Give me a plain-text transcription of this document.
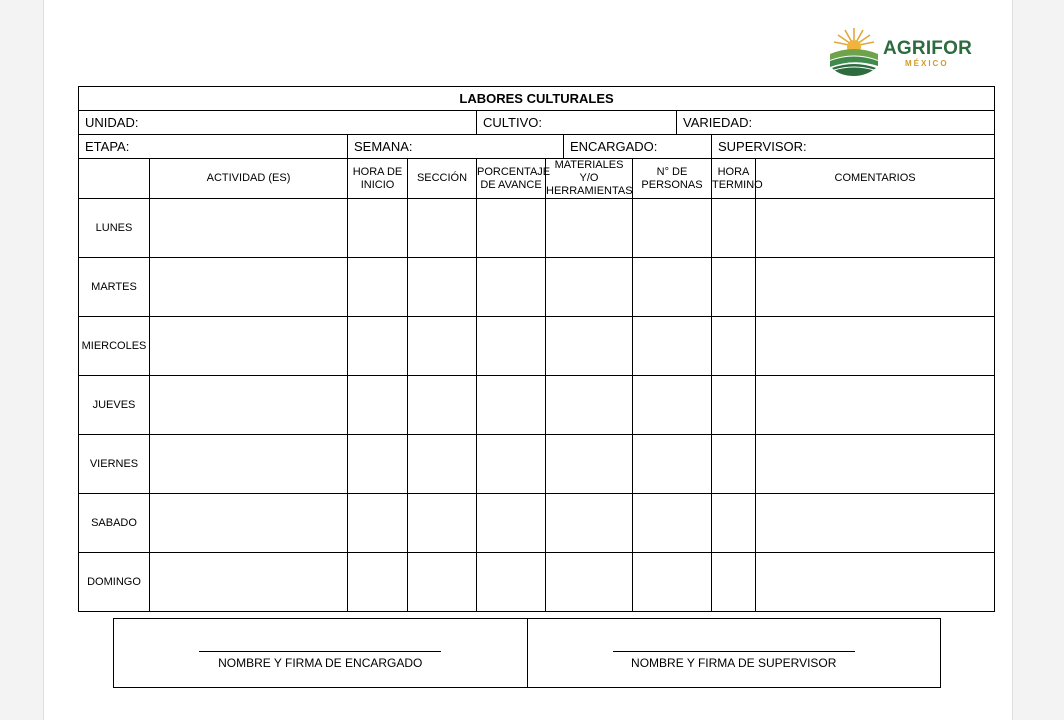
AGRIFOR
MÉXICO
LABORES CULTURALES										
UNIDAD:				CULTIVO:				VARIEDAD:		
ETAPA:		SEMANA:				ENCARGADO:			SUPERVISOR:	
	ACTIVIDAD (ES)	HORA DE INICIO	SECCIÓN	PORCENTAJE DE AVANCE	MATERIALES Y/O HERRAMIENTAS		N° DE PERSONAS		HORA TERMINO	COMENTARIOS
LUNES										
MARTES										
MIERCOLES										
JUEVES										
VIERNES										
SABADO										
DOMINGO										
NOMBRE Y FIRMA DE ENCARGADO	NOMBRE Y FIRMA DE SUPERVISOR
